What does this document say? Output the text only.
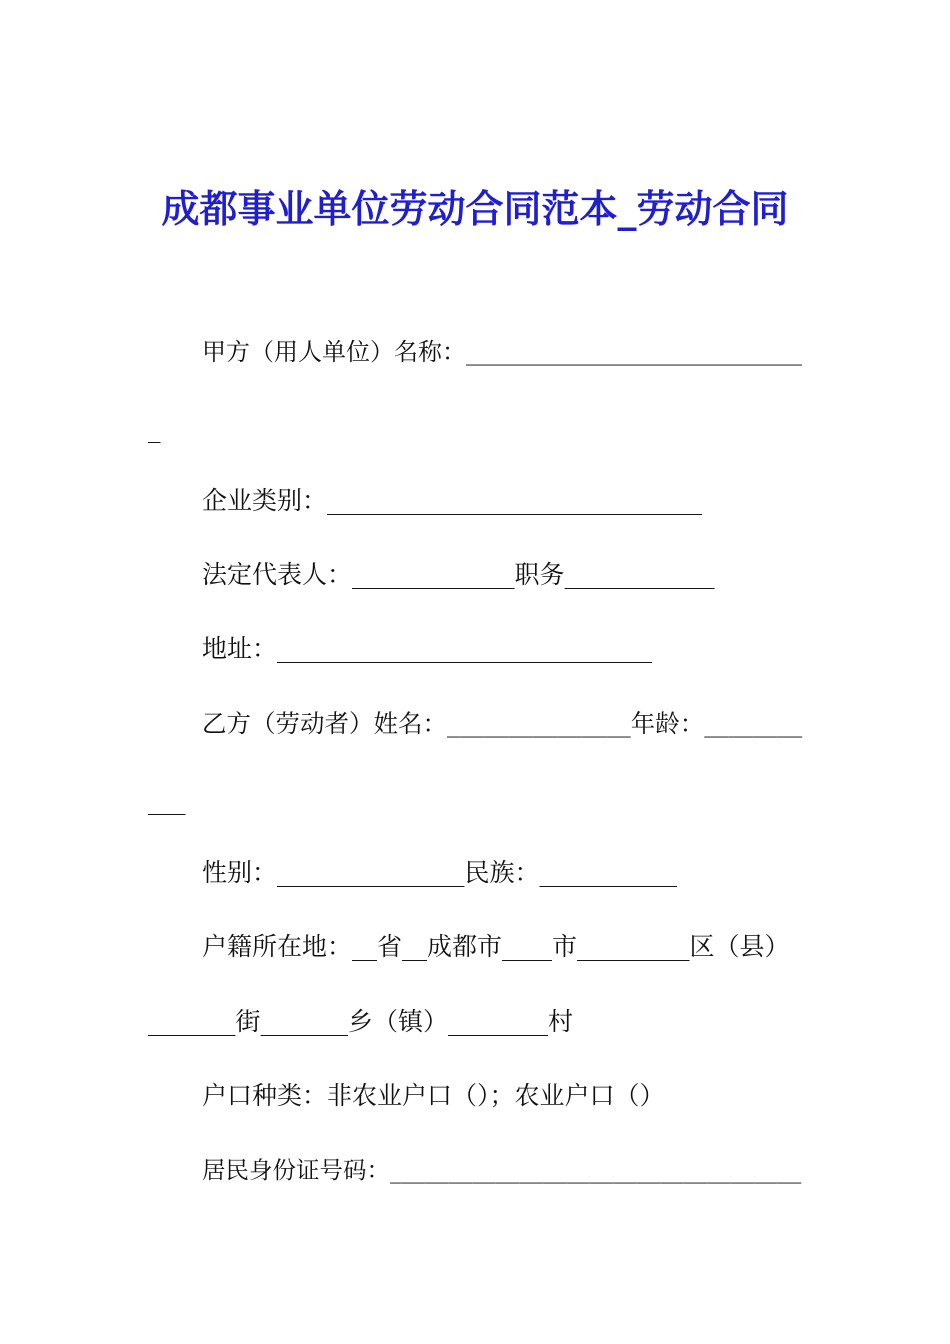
成都事业单位劳动合同范本_劳动合同

甲方（用人单位）名称：____________________________

_

企业类别：______________________________

法定代表人：_____________职务____________

地址：______________________________

乙方（劳动者）姓名：_______________年龄：________

___

性别：_______________民族：___________

户籍所在地：__省__成都市____市_________区（县）

_______街_______乡（镇）________村

户口种类：非农业户口（）；农业户口（）

居民身份证号码：___________________________________
